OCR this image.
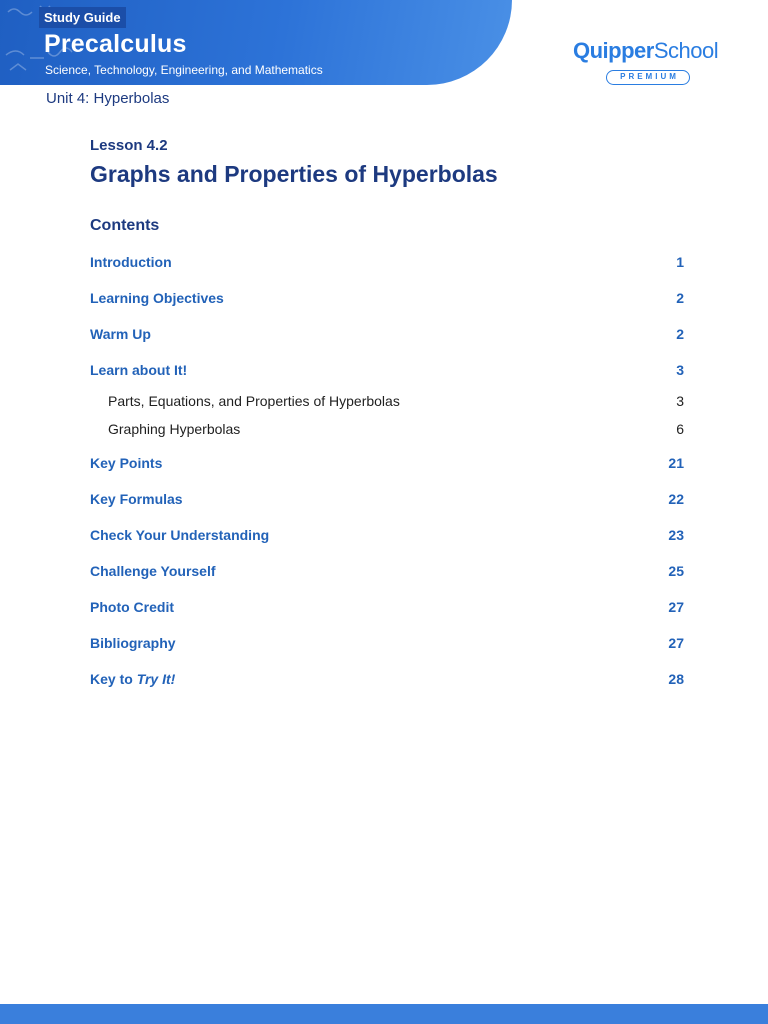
Study Guide
Precalculus
Science, Technology, Engineering, and Mathematics
QuipperSchool
PREMIUM
Unit 4: Hyperbolas
Lesson 4.2
Graphs and Properties of Hyperbolas
Contents
Introduction	1
Learning Objectives	2
Warm Up	2
Learn about It!	3
Parts, Equations, and Properties of Hyperbolas	3
Graphing Hyperbolas	6
Key Points	21
Key Formulas	22
Check Your Understanding	23
Challenge Yourself	25
Photo Credit	27
Bibliography	27
Key to Try It!	28
